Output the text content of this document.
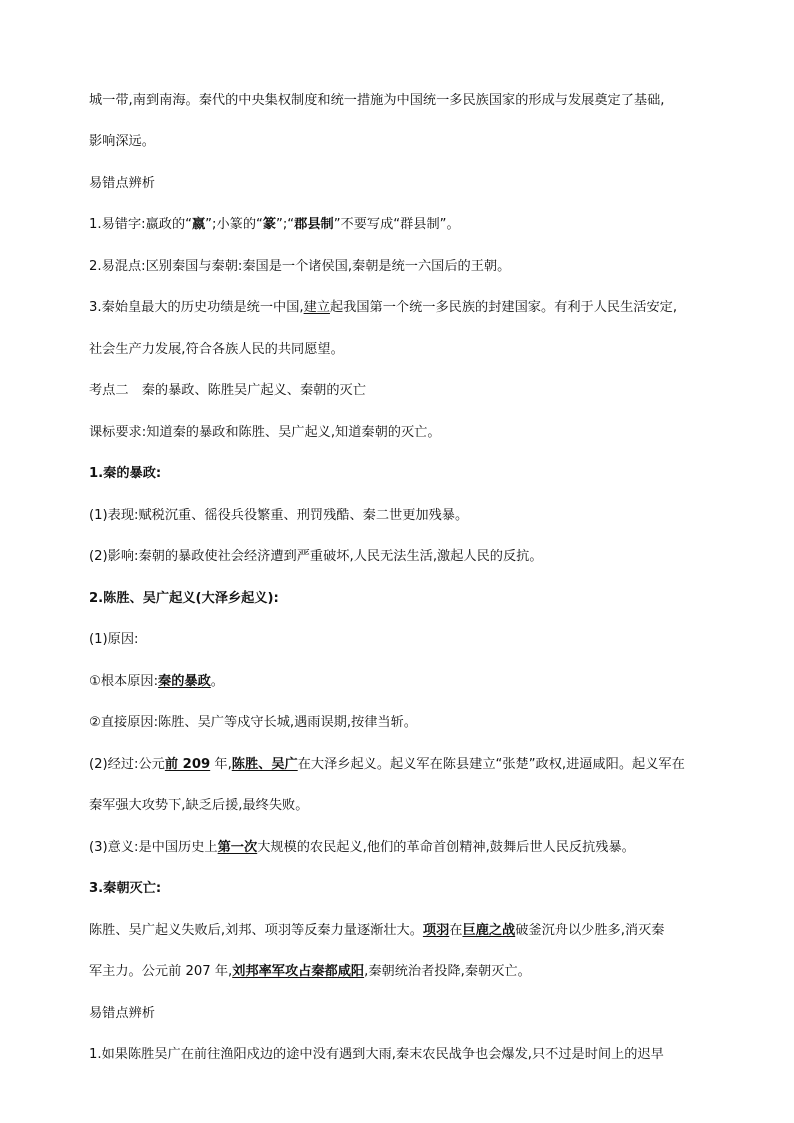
城一带,南到南海。秦代的中央集权制度和统一措施为中国统一多民族国家的形成与发展奠定了基础,
影响深远。
易错点辨析
1.易错字:嬴政的“嬴”;小篆的“篆”;“郡县制”不要写成“群县制”。
2.易混点:区别秦国与秦朝:秦国是一个诸侯国,秦朝是统一六国后的王朝。
3.秦始皇最大的历史功绩是统一中国,建立起我国第一个统一多民族的封建国家。有利于人民生活安定,
社会生产力发展,符合各族人民的共同愿望。
考点二　秦的暴政、陈胜吴广起义、秦朝的灭亡
课标要求:知道秦的暴政和陈胜、吴广起义,知道秦朝的灭亡。
1.秦的暴政:
(1)表现:赋税沉重、徭役兵役繁重、刑罚残酷、秦二世更加残暴。
(2)影响:秦朝的暴政使社会经济遭到严重破坏,人民无法生活,激起人民的反抗。
2.陈胜、吴广起义(大泽乡起义):
(1)原因:
①根本原因:秦的暴政。
②直接原因:陈胜、吴广等戍守长城,遇雨误期,按律当斩。
(2)经过:公元前 209 年,陈胜、吴广在大泽乡起义。起义军在陈县建立“张楚”政权,进逼咸阳。起义军在
秦军强大攻势下,缺乏后援,最终失败。
(3)意义:是中国历史上第一次大规模的农民起义,他们的革命首创精神,鼓舞后世人民反抗残暴。
3.秦朝灭亡:
陈胜、吴广起义失败后,刘邦、项羽等反秦力量逐渐壮大。项羽在巨鹿之战破釜沉舟以少胜多,消灭秦
军主力。公元前 207 年,刘邦率军攻占秦都咸阳,秦朝统治者投降,秦朝灭亡。
易错点辨析
1.如果陈胜吴广在前往渔阳戍边的途中没有遇到大雨,秦末农民战争也会爆发,只不过是时间上的迟早
